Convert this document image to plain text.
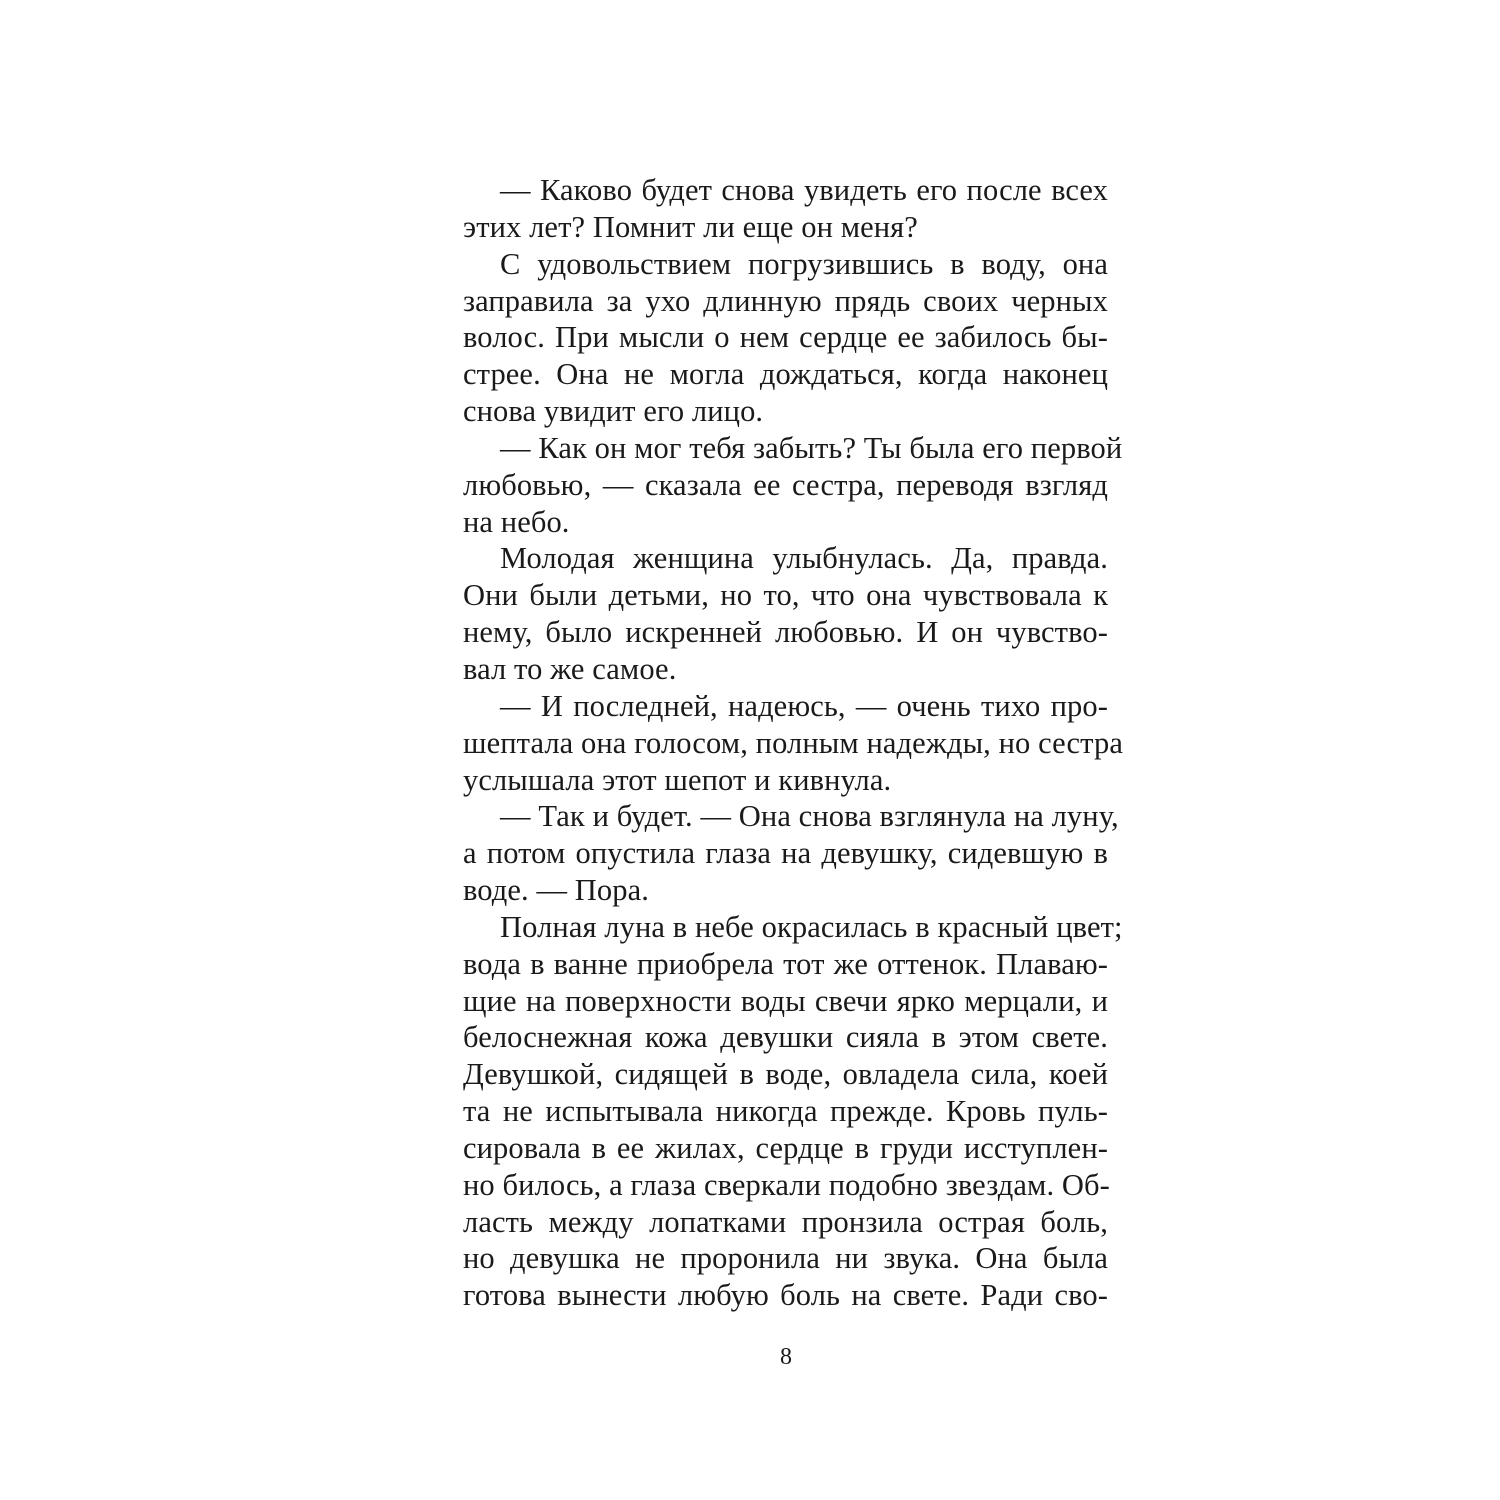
— Каково будет снова увидеть его после всех
этих лет? Помнит ли еще он меня?
С удовольствием погрузившись в воду, она
заправила за ухо длинную прядь своих черных
волос. При мысли о нем сердце ее забилось бы-
стрее. Она не могла дождаться, когда наконец
снова увидит его лицо.
— Как он мог тебя забыть? Ты была его первой
любовью, — сказала ее сестра, переводя взгляд
на небо.
Молодая женщина улыбнулась. Да, правда.
Они были детьми, но то, что она чувствовала к
нему, было искренней любовью. И он чувство-
вал то же самое.
— И последней, надеюсь, — очень тихо про-
шептала она голосом, полным надежды, но сестра
услышала этот шепот и кивнула.
— Так и будет. — Она снова взглянула на луну,
а потом опустила глаза на девушку, сидевшую в
воде. — Пора.
Полная луна в небе окрасилась в красный цвет;
вода в ванне приобрела тот же оттенок. Плаваю-
щие на поверхности воды свечи ярко мерцали, и
белоснежная кожа девушки сияла в этом свете.
Девушкой, сидящей в воде, овладела сила, коей
та не испытывала никогда прежде. Кровь пуль-
сировала в ее жилах, сердце в груди исступлен-
но билось, а глаза сверкали подобно звездам. Об-
ласть между лопатками пронзила острая боль,
но девушка не проронила ни звука. Она была
готова вынести любую боль на свете. Ради сво-
8
